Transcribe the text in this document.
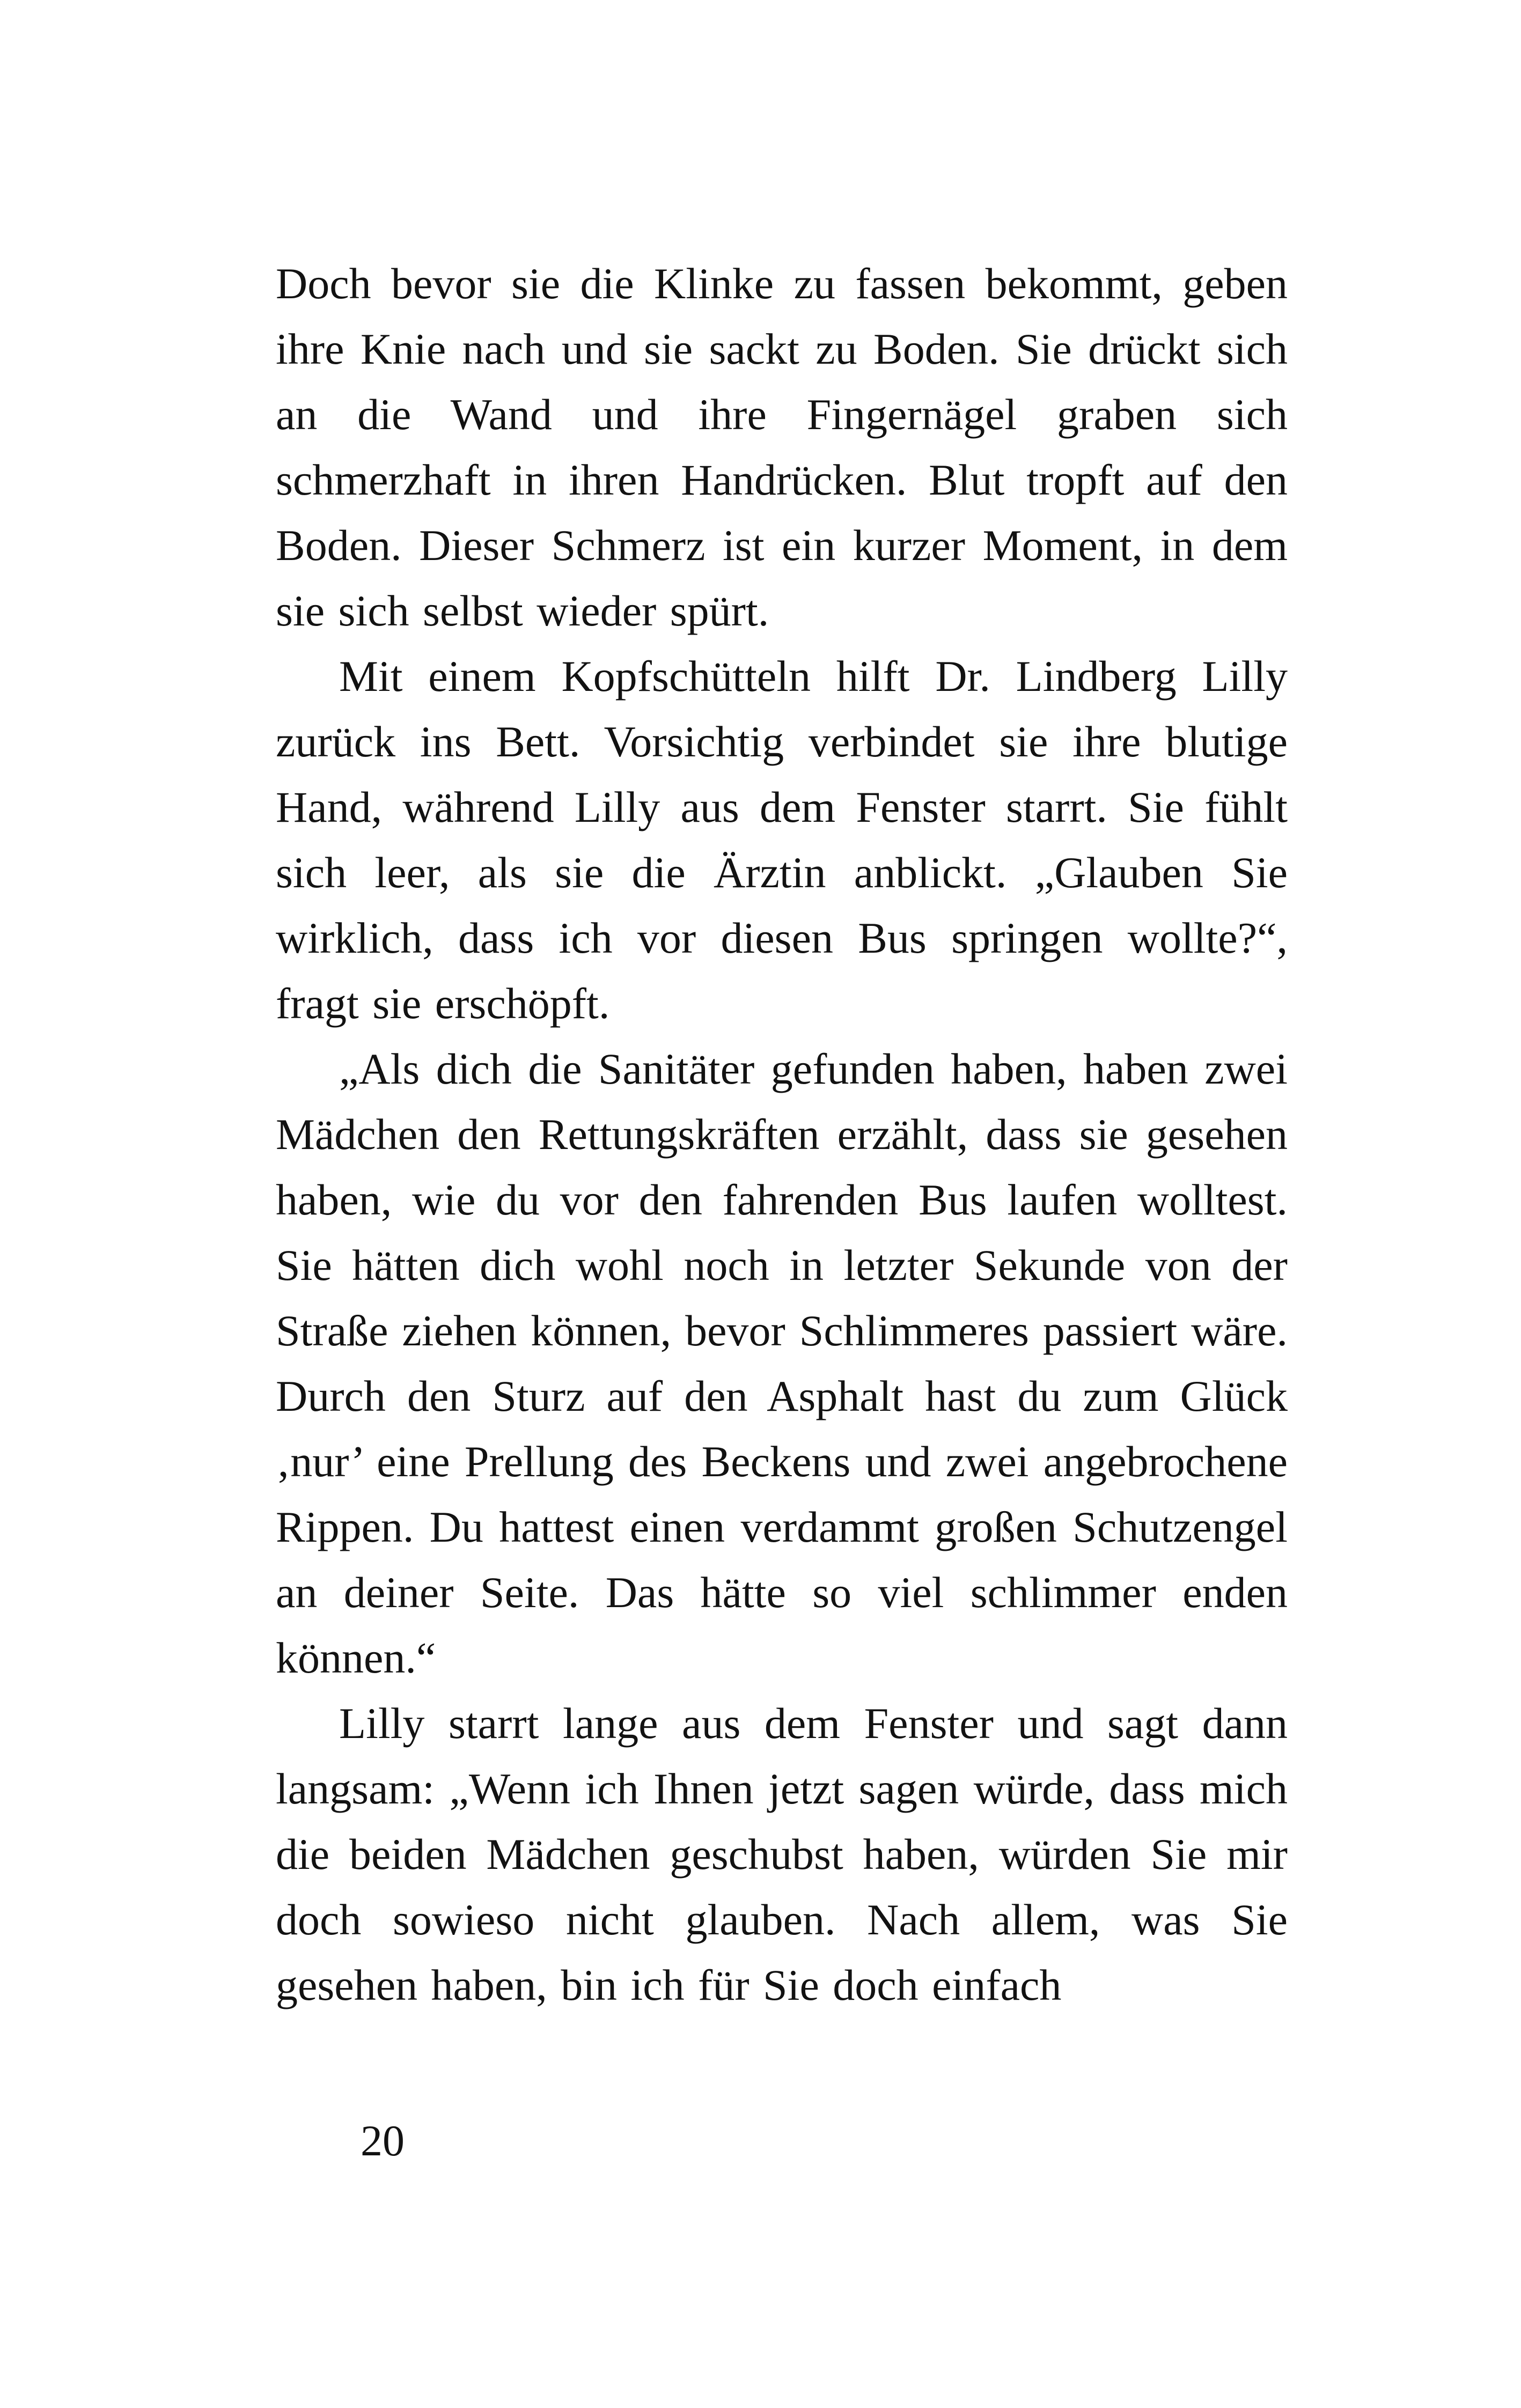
Doch bevor sie die Klinke zu fassen bekommt, geben ihre Knie nach und sie sackt zu Boden. Sie drückt sich an die Wand und ihre Fingernägel graben sich schmerzhaft in ihren Handrücken. Blut tropft auf den Boden. Dieser Schmerz ist ein kurzer Moment, in dem sie sich selbst wieder spürt.

Mit einem Kopfschütteln hilft Dr. Lindberg Lilly zurück ins Bett. Vorsichtig verbindet sie ihre blutige Hand, während Lilly aus dem Fenster starrt. Sie fühlt sich leer, als sie die Ärztin anblickt. „Glauben Sie wirklich, dass ich vor diesen Bus springen wollte?“, fragt sie erschöpft.

„Als dich die Sanitäter gefunden haben, haben zwei Mädchen den Rettungskräften erzählt, dass sie gesehen haben, wie du vor den fahrenden Bus laufen wolltest. Sie hätten dich wohl noch in letzter Sekunde von der Straße ziehen können, bevor Schlimmeres passiert wäre. Durch den Sturz auf den Asphalt hast du zum Glück ‚nur’ eine Prellung des Beckens und zwei angebrochene Rippen. Du hattest einen verdammt großen Schutzengel an deiner Seite. Das hätte so viel schlimmer enden können.“

Lilly starrt lange aus dem Fenster und sagt dann langsam: „Wenn ich Ihnen jetzt sagen würde, dass mich die beiden Mädchen geschubst haben, würden Sie mir doch sowieso nicht glauben. Nach allem, was Sie gesehen haben, bin ich für Sie doch einfach

20
